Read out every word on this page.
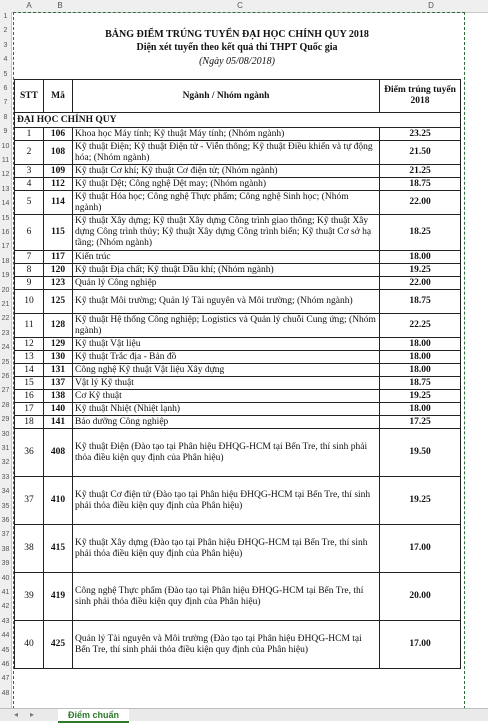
A	B	C	D
1
2
3
4
5
6
7
8
9
10
11
12
13
14
15
16
17
18
19
20
21
22
23
24
25
26
27
28
29
30
31
32
33
34
35
36
37
38
39
40
41
42
43
44
45
46
47
48
BẢNG ĐIỂM TRÚNG TUYỂN ĐẠI HỌC CHÍNH QUY 2018
Diện xét tuyển theo kết quả thi THPT Quốc gia
(Ngày 05/08/2018)
STT	Mã	Ngành / Nhóm ngành	Điểm trúng tuyển 2018
ĐẠI HỌC CHÍNH QUY			
1	106	Khoa học Máy tính; Kỹ thuật Máy tính; (Nhóm ngành)	23.25
2	108	Kỹ thuật Điện; Kỹ thuật Điện tử - Viễn thông; Kỹ thuật Điều khiển và tự động hóa; (Nhóm ngành)	21.50
3	109	Kỹ thuật Cơ khí; Kỹ thuật Cơ điện tử; (Nhóm ngành)	21.25
4	112	Kỹ thuật Dệt; Công nghệ Dệt may; (Nhóm ngành)	18.75
5	114	Kỹ thuật Hóa học; Công nghệ Thực phẩm; Công nghệ Sinh học; (Nhóm ngành)	22.00
6	115	Kỹ thuật Xây dựng; Kỹ thuật Xây dựng Công trình giao thông; Kỹ thuật Xây dựng Công trình thủy; Kỹ thuật Xây dựng Công trình biển; Kỹ thuật Cơ sở hạ tầng; (Nhóm ngành)	18.25
7	117	Kiến trúc	18.00
8	120	Kỹ thuật Địa chất; Kỹ thuật Dầu khí; (Nhóm ngành)	19.25
9	123	Quản lý Công nghiệp	22.00
10	125	Kỹ thuật Môi trường; Quản lý Tài nguyên và Môi trường; (Nhóm ngành)	18.75
11	128	Kỹ thuật Hệ thống Công nghiệp; Logistics và Quản lý chuỗi Cung ứng; (Nhóm ngành)	22.25
12	129	Kỹ thuật Vật liệu	18.00
13	130	Kỹ thuật Trắc địa - Bản đồ	18.00
14	131	Công nghệ Kỹ thuật Vật liệu Xây dựng	18.00
15	137	Vật lý Kỹ thuật	18.75
16	138	Cơ Kỹ thuật	19.25
17	140	Kỹ thuật Nhiệt (Nhiệt lạnh)	18.00
18	141	Bảo dưỡng Công nghiệp	17.25
36	408	Kỹ thuật Điện (Đào tạo tại Phân hiệu ĐHQG-HCM tại Bến Tre, thí sinh phải thỏa điều kiện quy định của Phân hiệu)	19.50
37	410	Kỹ thuật Cơ điện tử (Đào tạo tại Phân hiệu ĐHQG-HCM tại Bến Tre, thí sinh phải thỏa điều kiện quy định của Phân hiệu)	19.25
38	415	Kỹ thuật Xây dựng (Đào tạo tại Phân hiệu ĐHQG-HCM tại Bến Tre, thí sinh phải thỏa điều kiện quy định của Phân hiệu)	17.00
39	419	Công nghệ Thực phẩm (Đào tạo tại Phân hiệu ĐHQG-HCM tại Bến Tre, thí sinh phải thỏa điều kiện quy định của Phân hiệu)	20.00
40	425	Quản lý Tài nguyên và Môi trường (Đào tạo tại Phân hiệu ĐHQG-HCM tại Bến Tre, thí sinh phải thỏa điều kiện quy định của Phân hiệu)	17.00
◂ ▸	Điểm chuẩn
